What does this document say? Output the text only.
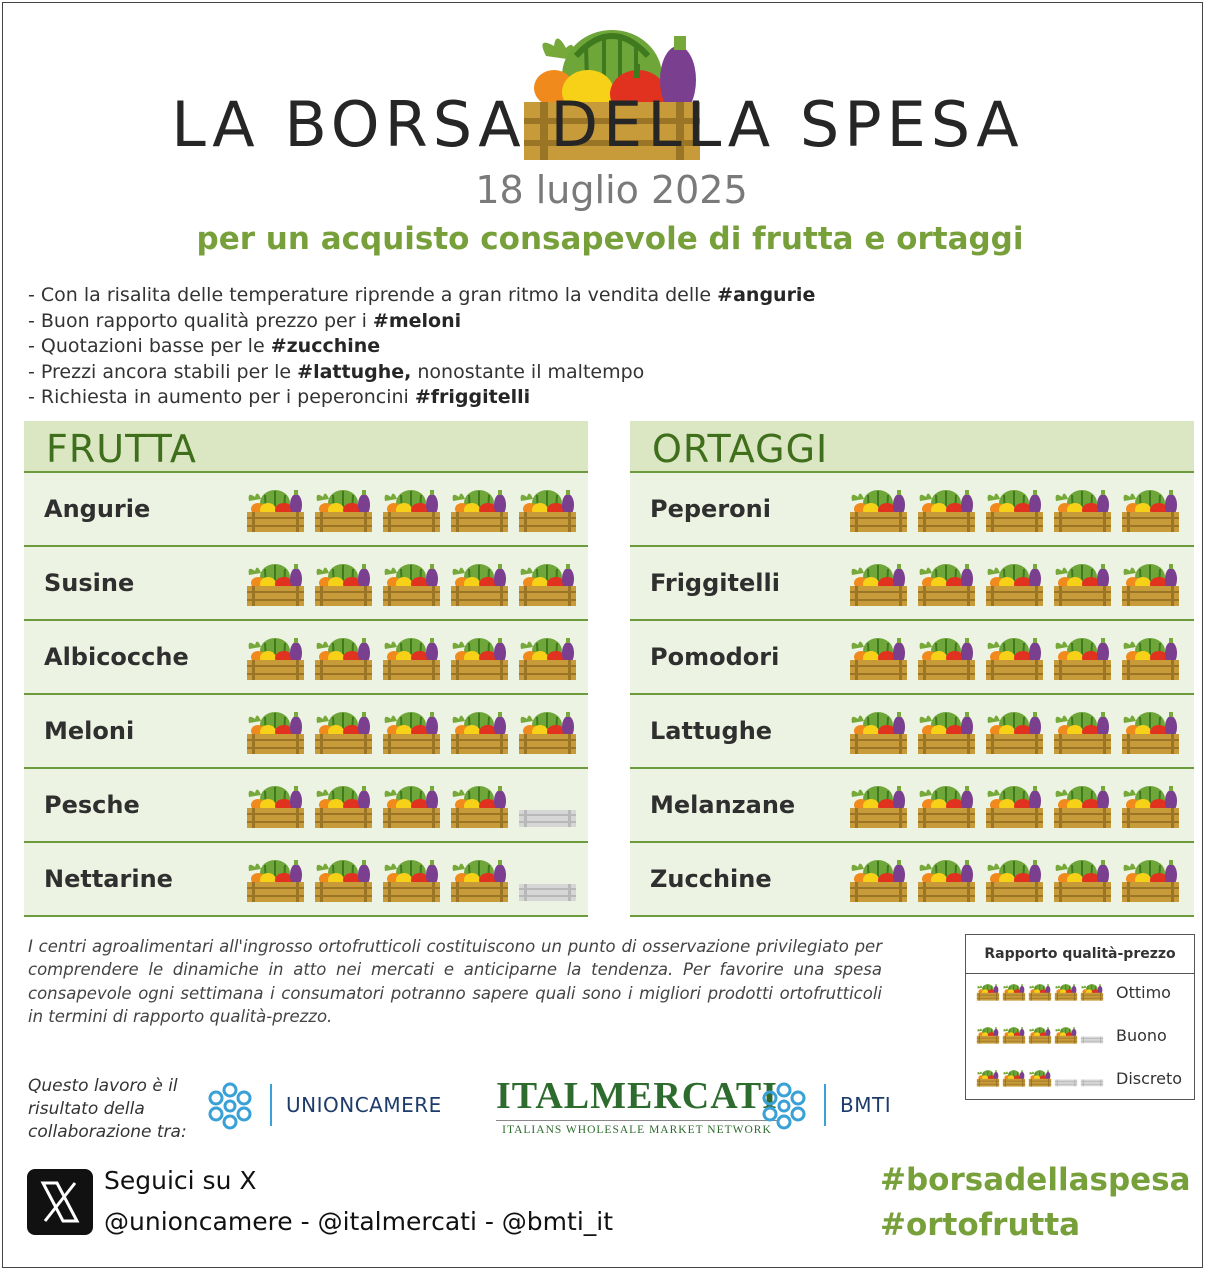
LA BORSA DELLA SPESA
18 luglio 2025
per un acquisto consapevole di frutta e ortaggi
- Con la risalita delle temperature riprende a gran ritmo la vendita delle #angurie
- Buon rapporto qualità prezzo per i #meloni
- Quotazioni basse per le #zucchine
- Prezzi ancora stabili per le #lattughe, nonostante il maltempo
- Richiesta in aumento per i peperoncini #friggitelli
FRUTTA
Angurie
Susine
Albicocche
Meloni
Pesche
Nettarine
ORTAGGI
Peperoni
Friggitelli
Pomodori
Lattughe
Melanzane
Zucchine
I centri agroalimentari all'ingrosso ortofrutticoli costituiscono un punto di osservazione privilegiato per comprendere le dinamiche in atto nei mercati e anticiparne la tendenza. Per favorire una spesa consapevole ogni settimana i consumatori potranno sapere quali sono i migliori prodotti ortofrutticoli in termini di rapporto qualità-prezzo.
Rapporto qualità-prezzo
Ottimo
Buono
Discreto
Questo lavoro è il
risultato della
collaborazione tra:
UNIONCAMERE ITALMERCATI
ITALIANS WHOLESALE MARKET NETWORK
BMTI
Seguici su X
@unioncamere - @italmercati - @bmti_it
#borsadellaspesa
#ortofrutta
